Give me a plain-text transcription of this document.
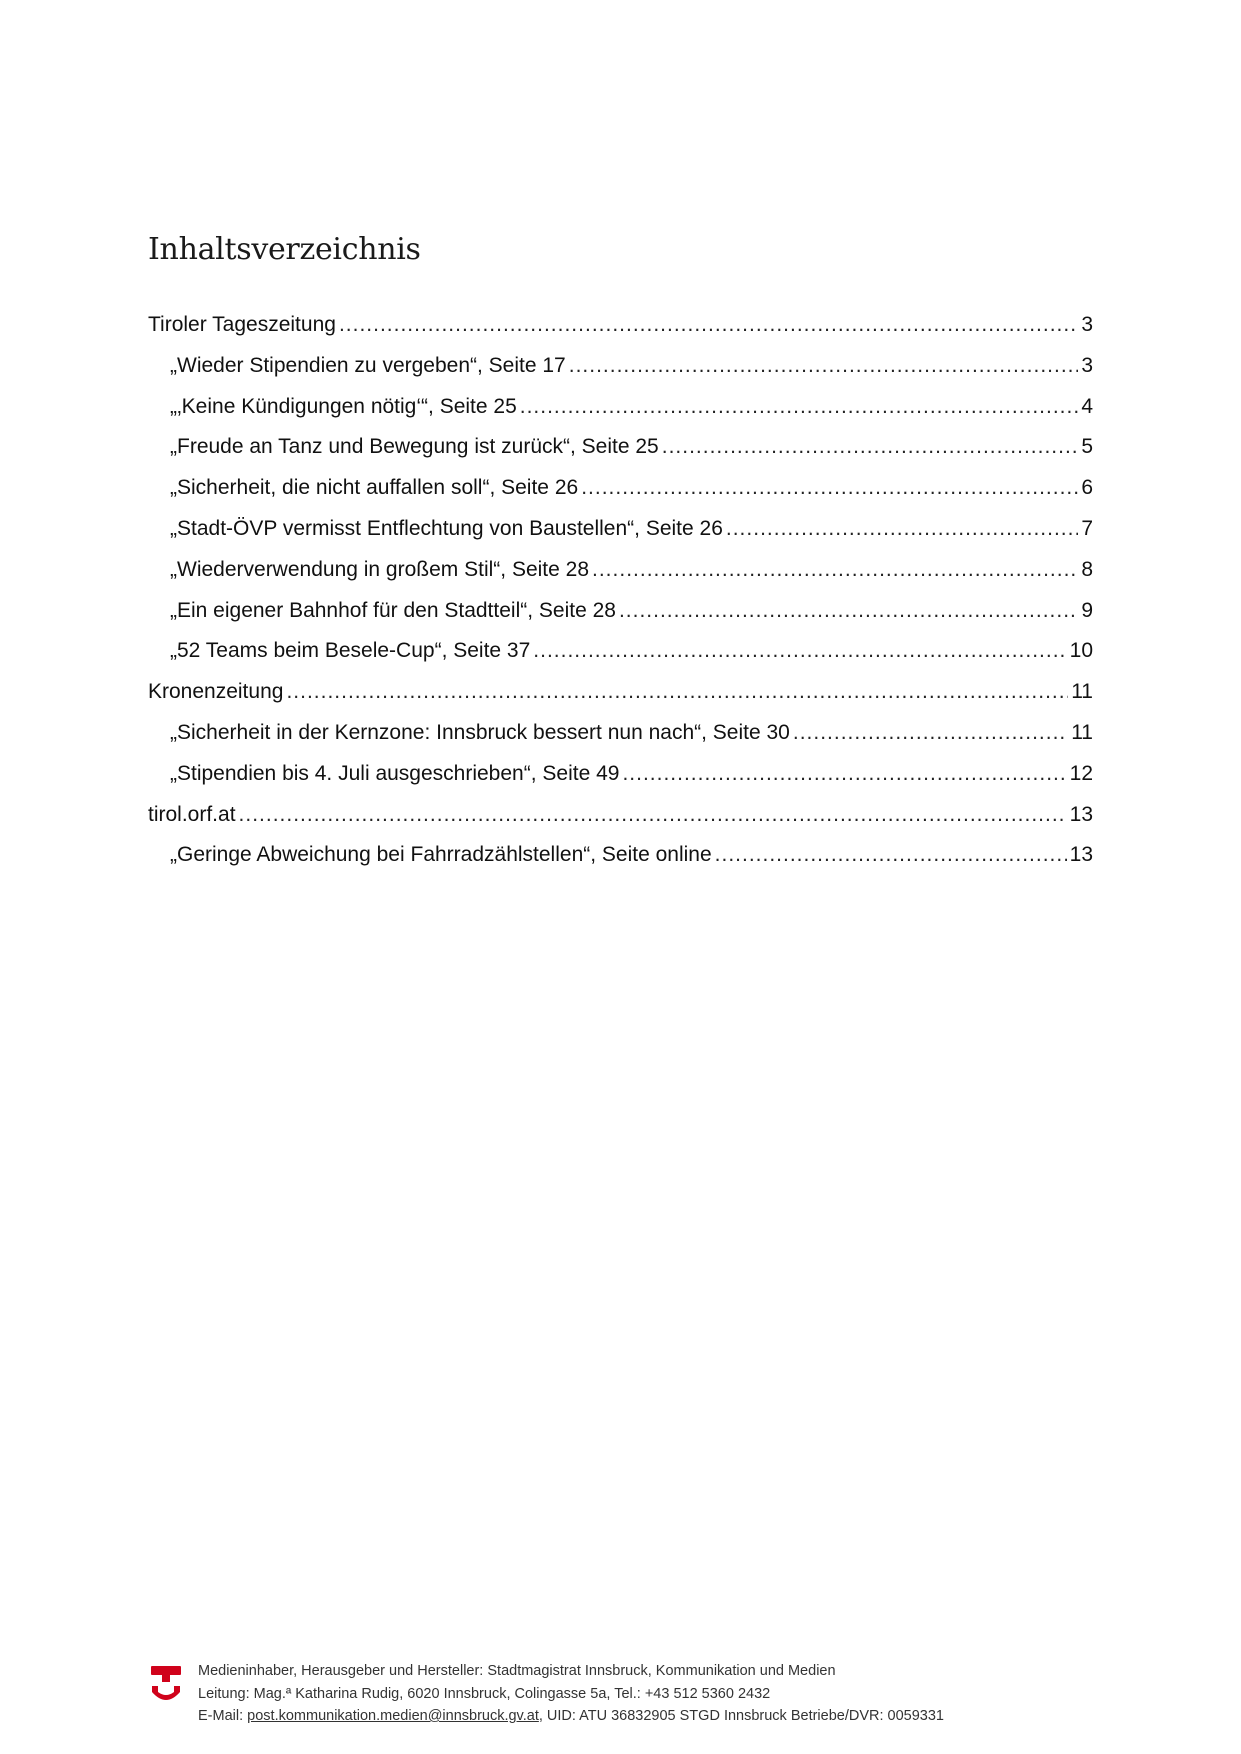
Inhaltsverzeichnis
Tiroler Tageszeitung .....	3
„Wieder Stipendien zu vergeben“, Seite 17 .....	3
„‚Keine Kündigungen nötig‘“, Seite 25 .....	4
„Freude an Tanz und Bewegung ist zurück“, Seite 25 .....	5
„Sicherheit, die nicht auffallen soll“, Seite 26 .....	6
„Stadt-ÖVP vermisst Entflechtung von Baustellen“, Seite 26 .....	7
„Wiederverwendung in großem Stil“, Seite 28 .....	8
„Ein eigener Bahnhof für den Stadtteil“, Seite 28 .....	9
„52 Teams beim Besele-Cup“, Seite 37 .....	10
Kronenzeitung .....	11
„Sicherheit in der Kernzone: Innsbruck bessert nun nach“, Seite 30 .....	11
„Stipendien bis 4. Juli ausgeschrieben“, Seite 49 .....	12
tirol.orf.at .....	13
„Geringe Abweichung bei Fahrradzählstellen“, Seite online .....	13
Medieninhaber, Herausgeber und Hersteller: Stadtmagistrat Innsbruck, Kommunikation und Medien
Leitung: Mag.ª Katharina Rudig, 6020 Innsbruck, Colingasse 5a, Tel.: +43 512 5360 2432
E-Mail: post.kommunikation.medien@innsbruck.gv.at, UID: ATU 36832905 STGD Innsbruck Betriebe/DVR: 0059331
